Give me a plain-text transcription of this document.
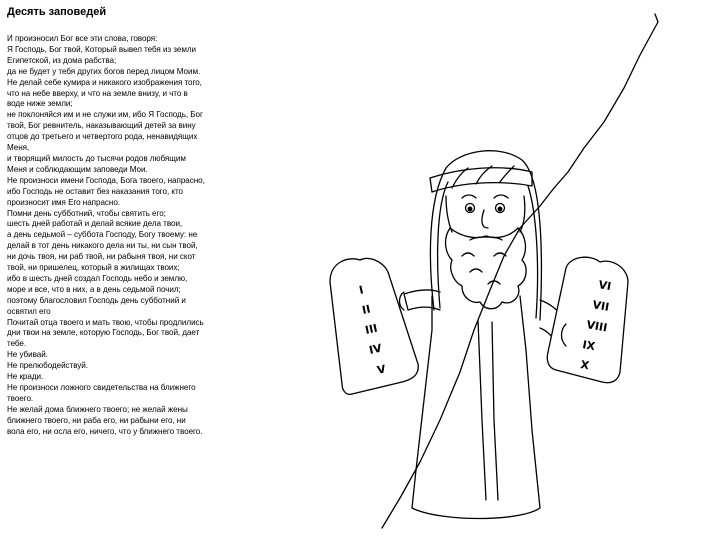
Десять заповедей
И произносил Бог все эти слова, говоря:
Я Господь, Бог твой, Который вывел тебя из земли
Египетской, из дома рабства;
да не будет у тебя других богов перед лицом Моим.
Не делай себе кумира и никакого изображения того,
что на небе вверху, и что на земле внизу, и что в
воде ниже земли;
не поклоняйся им и не служи им, ибо Я Господь, Бог
твой, Бог ревнитель, наказывающий детей за вину
отцов до третьего и четвертого рода, ненавидящих
Меня,
и творящий милость до тысячи родов любящим
Меня и соблюдающим заповеди Мои.
Не произноси имени Господа, Бога твоего, напрасно,
ибо Господь не оставит без наказания того, кто
произносит имя Его напрасно.
Помни день субботний, чтобы святить его;
шесть дней работай и делай всякие дела твои,
а день седьмой – суббота Господу, Богу твоему: не
делай в тот день никакого дела ни ты, ни сын твой,
ни дочь твоя, ни раб твой, ни рабыня твоя, ни скот
твой, ни пришелец, который в жилищах твоих;
ибо в шесть дней создал Господь небо и землю,
море и все, что в них, а в день седьмой почил;
поэтому благословил Господь день субботний и
освятил его
Почитай отца твоего и мать твою, чтобы продлились
дни твои на земле, которую Господь, Бог твой, дает
тебе.
Не убивай.
Не прелюбодействуй.
Не кради.
Не произноси ложного свидетельства на ближнего
твоего.
Не желай дома ближнего твоего; не желай жены
ближнего твоего, ни раба его, ни рабыни его, ни
вола его, ни осла его, ничего, что у ближнего твоего.
I
II
III
IV
V
VI
VII
VIII
IX
X
